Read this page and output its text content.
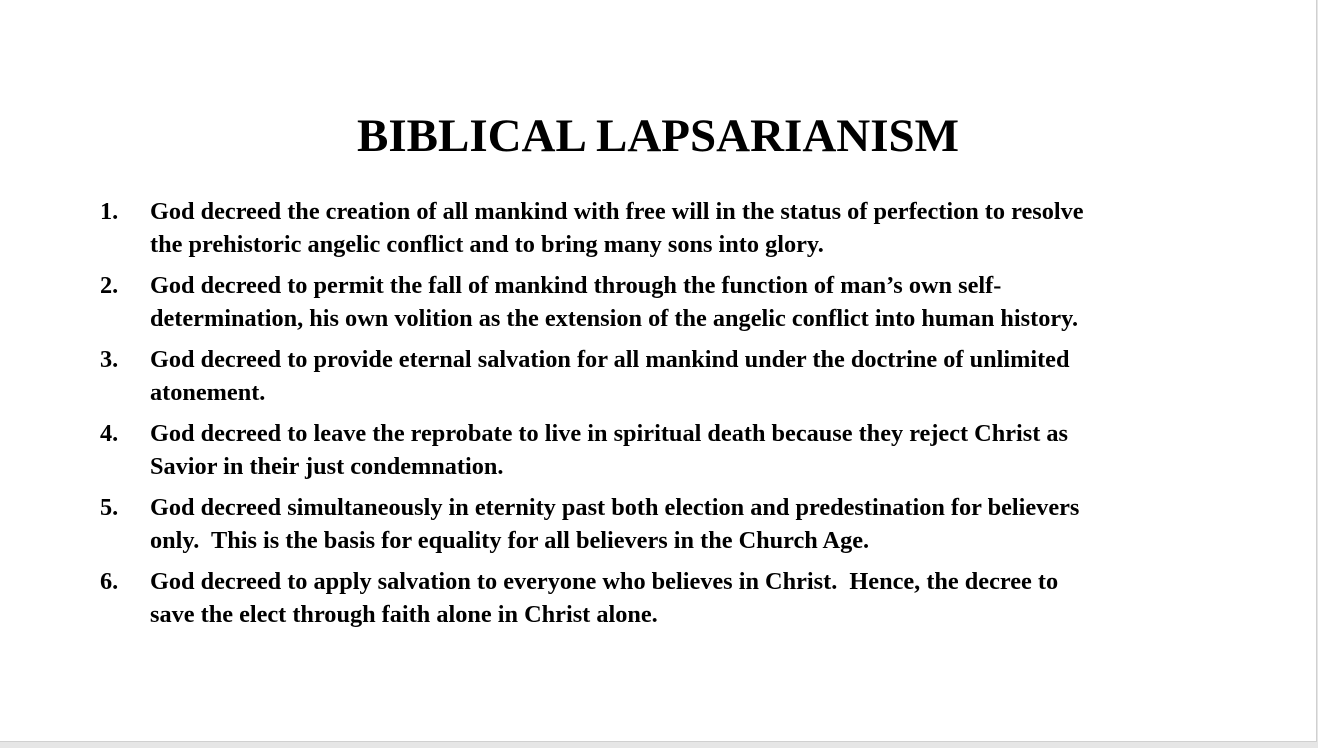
BIBLICAL LAPSARIANISM
1.	God decreed the creation of all mankind with free will in the status of perfection to resolve
the prehistoric angelic conflict and to bring many sons into glory.
2.	God decreed to permit the fall of mankind through the function of man’s own self-
determination, his own volition as the extension of the angelic conflict into human history.
3.	God decreed to provide eternal salvation for all mankind under the doctrine of unlimited
atonement.
4.	God decreed to leave the reprobate to live in spiritual death because they reject Christ as
Savior in their just condemnation.
5.	God decreed simultaneously in eternity past both election and predestination for believers
only.  This is the basis for equality for all believers in the Church Age.
6.	God decreed to apply salvation to everyone who believes in Christ.  Hence, the decree to
save the elect through faith alone in Christ alone.
